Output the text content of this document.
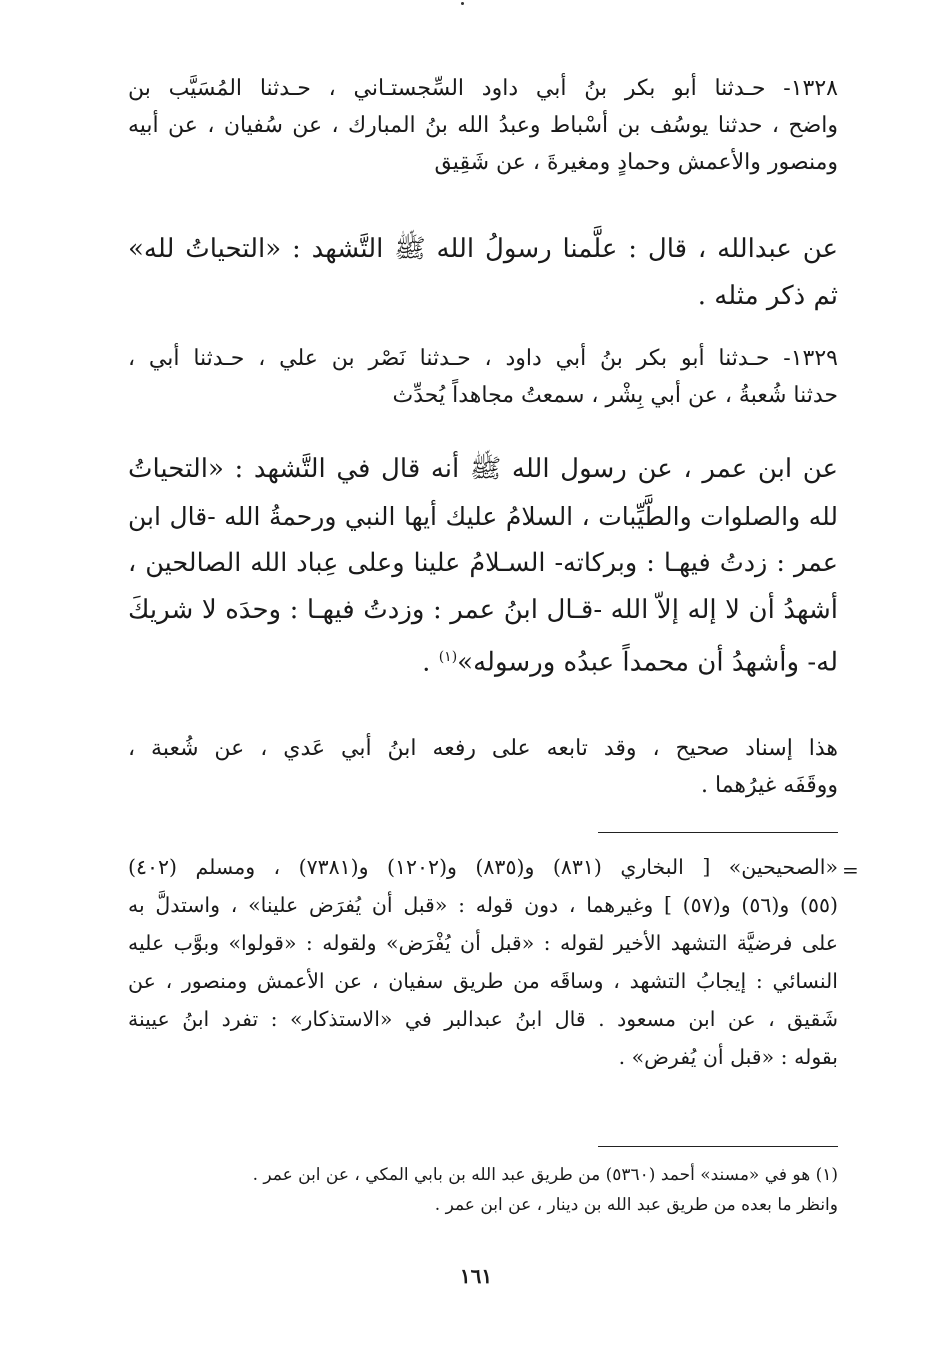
١٣٢٨- حـدثنا أبو بكر بنُ أبي داود السِّجستـاني ، حـدثنا المُسَيَّب بن
واضح ، حدثنا يوسُف بن أسْباط وعبدُ الله بنُ المبارك ، عن سُفيان ، عن أبيه
ومنصور والأعمش وحمادٍ ومغيرةَ ، عن شَقِيق
عن عبدالله ، قال : علَّمنا رسولُ الله ﷺ التَّشهد : «التحياتُ لله»
ثم ذكر مثله .
١٣٢٩- حـدثنا أبو بكر بنُ أبي داود ، حـدثنا نَصْر بن علي ، حـدثنا أبي ،
حدثنا شُعبةُ ، عن أبي بِشْر ، سمعتُ مجاهداً يُحدِّث
عن ابن عمر ، عن رسول الله ﷺ أنه قال في التَّشهد : «التحياتُ
لله والصلوات والطَّيِّبات ، السلامُ عليك أيها النبي ورحمةُ الله -قال ابن
عمر : زدتُ فيهـا : وبركاته- السـلامُ علينا وعلى عِباد الله الصالحين ،
أشهدُ أن لا إله إلاّ الله -قـال ابنُ عمر : وزدتُ فيهـا : وحدَه لا شريكَ
له- وأشهدُ أن محمداً عبدُه ورسوله»$^{(١)}$ .
هذا إسناد صحيح ، وقد تابعه على رفعه ابنُ أبي عَدي ، عن شُعبة ،
ووقَفَه غيرُهما .
=
«الصحيحين» [ البخاري (٨٣١) و(٨٣٥) و(١٢٠٢) و(٧٣٨١) ، ومسلم (٤٠٢)
(٥٥) و(٥٦) و(٥٧) ] وغيرهما ، دون قوله : «قبل أن يُفرَض علينا» ، واستدلَّ به
على فرضيَّة التشهد الأخير لقوله : «قبل أن يُفْرَض» ولقوله : «قولوا» وبوَّب عليه
النسائي : إيجابُ التشهد ، وساقَه من طريق سفيان ، عن الأعمش ومنصور ، عن
شَقيق ، عن ابن مسعود . قال ابنُ عبدالبر في «الاستذكار» : تفرد ابنُ عيينة
بقوله : «قبل أن يُفرض» .
(١) هو في «مسند» أحمد (٥٣٦٠) من طريق عبد الله بن بابي المكي ، عن ابن عمر .
وانظر ما بعده من طريق عبد الله بن دينار ، عن ابن عمر .
١٦١
